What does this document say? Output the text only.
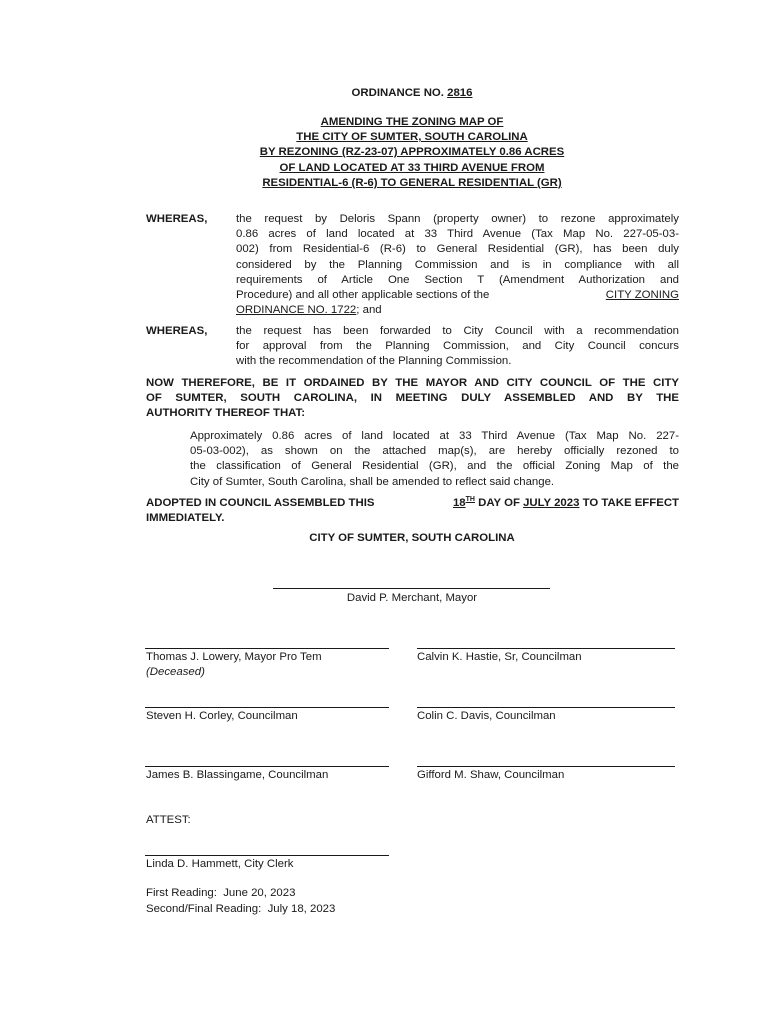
ORDINANCE NO. 2816
AMENDING THE ZONING MAP OF
THE CITY OF SUMTER, SOUTH CAROLINA
BY REZONING (RZ-23-07) APPROXIMATELY 0.86 ACRES
OF LAND LOCATED AT 33 THIRD AVENUE FROM
RESIDENTIAL-6 (R-6) TO GENERAL RESIDENTIAL (GR)
WHEREAS,	the request by Deloris Spann (property owner) to rezone approximately
0.86 acres of land located at 33 Third Avenue (Tax Map No. 227-05-03-
002) from Residential-6 (R-6) to General Residential (GR), has been duly
considered by the Planning Commission and is in compliance with all
requirements of Article One Section T (Amendment Authorization and
Procedure) and all other applicable sections of the	CITY ZONING
ORDINANCE NO. 1722; and
WHEREAS,	the request has been forwarded to City Council with a recommendation
for approval from the Planning Commission, and City Council concurs
with the recommendation of the Planning Commission.
NOW THEREFORE, BE IT ORDAINED BY THE MAYOR AND CITY COUNCIL OF THE CITY
OF SUMTER, SOUTH CAROLINA, IN MEETING DULY ASSEMBLED AND BY THE
AUTHORITY THEREOF THAT:
Approximately 0.86 acres of land located at 33 Third Avenue (Tax Map No. 227-
05-03-002), as shown on the attached map(s), are hereby officially rezoned to
the classification of General Residential (GR), and the official Zoning Map of the
City of Sumter, South Carolina, shall be amended to reflect said change.
ADOPTED IN COUNCIL ASSEMBLED THIS	18TH DAY OF JULY 2023 TO TAKE EFFECT
IMMEDIATELY.
CITY OF SUMTER, SOUTH CAROLINA
David P. Merchant, Mayor
Thomas J. Lowery, Mayor Pro Tem
(Deceased)
Steven H. Corley, Councilman
James B. Blassingame, Councilman
Calvin K. Hastie, Sr, Councilman
Colin C. Davis, Councilman
Gifford M. Shaw, Councilman
ATTEST:
Linda D. Hammett, City Clerk
First Reading:  June 20, 2023
Second/Final Reading:  July 18, 2023
